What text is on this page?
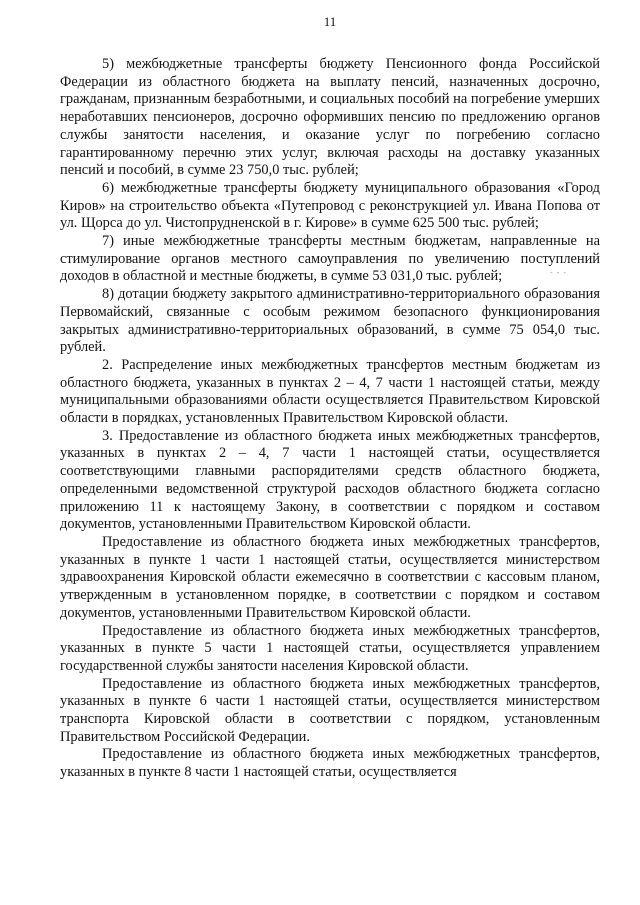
11

5) межбюджетные трансферты бюджету Пенсионного фонда Российской Федерации из областного бюджета на выплату пенсий, назначенных досрочно, гражданам, признанным безработными, и социальных пособий на погребение умерших неработавших пенсионеров, досрочно оформивших пенсию по предложению органов службы занятости населения, и оказание услуг по погребению согласно гарантированному перечню этих услуг, включая расходы на доставку указанных пенсий и пособий, в сумме 23 750,0 тыс. рублей;

6) межбюджетные трансферты бюджету муниципального образования «Город Киров» на строительство объекта «Путепровод с реконструкцией ул. Ивана Попова от ул. Щорса до ул. Чистопрудненской в г. Кирове» в сумме 625 500 тыс. рублей;

7) иные межбюджетные трансферты местным бюджетам, направленные на стимулирование органов местного самоуправления по увеличению поступлений доходов в областной и местные бюджеты, в сумме 53 031,0 тыс. рублей;

8) дотации бюджету закрытого административно-территориального образования Первомайский, связанные с особым режимом безопасного функционирования закрытых административно-территориальных образований, в сумме 75 054,0 тыс. рублей.

2. Распределение иных межбюджетных трансфертов местным бюджетам из областного бюджета, указанных в пунктах 2 – 4, 7 части 1 настоящей статьи, между муниципальными образованиями области осуществляется Правительством Кировской области в порядках, установленных Правительством Кировской области.

3. Предоставление из областного бюджета иных межбюджетных трансфертов, указанных в пунктах 2 – 4, 7 части 1 настоящей статьи, осуществляется соответствующими главными распорядителями средств областного бюджета, определенными ведомственной структурой расходов областного бюджета согласно приложению 11 к настоящему Закону, в соответствии с порядком и составом документов, установленными Правительством Кировской области.

Предоставление из областного бюджета иных межбюджетных трансфертов, указанных в пункте 1 части 1 настоящей статьи, осуществляется министерством здравоохранения Кировской области ежемесячно в соответствии с кассовым планом, утвержденным в установленном порядке, в соответствии с порядком и составом документов, установленными Правительством Кировской области.

Предоставление из областного бюджета иных межбюджетных трансфертов, указанных в пункте 5 части 1 настоящей статьи, осуществляется управлением государственной службы занятости населения Кировской области.

Предоставление из областного бюджета иных межбюджетных трансфертов, указанных в пункте 6 части 1 настоящей статьи, осуществляется министерством транспорта Кировской области в соответствии с порядком, установленным Правительством Российской Федерации.

Предоставление из областного бюджета иных межбюджетных трансфертов, указанных в пункте 8 части 1 настоящей статьи, осуществляется

- - -
